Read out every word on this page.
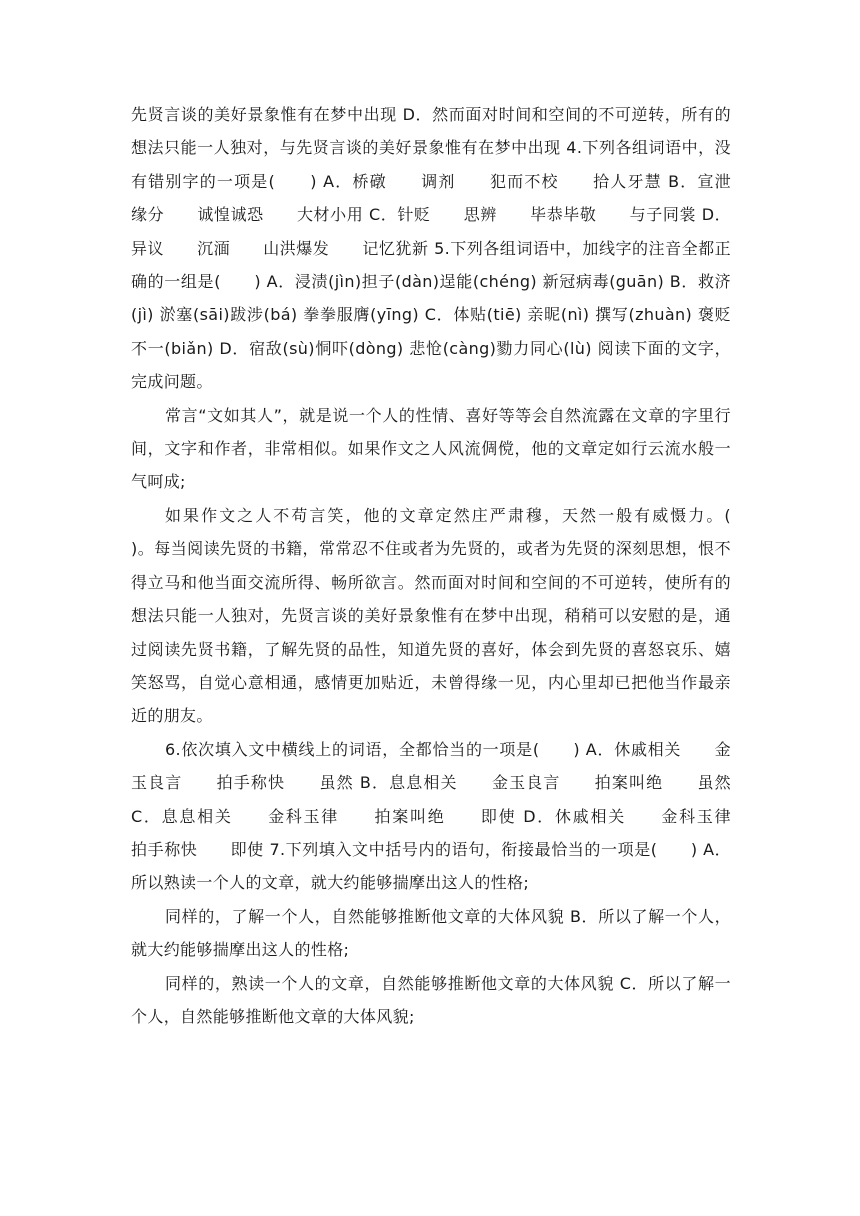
先贤言谈的美好景象惟有在梦中出现 D．然而面对时间和空间的不可逆转，所有的想法只能一人独对，与先贤言谈的美好景象惟有在梦中出现 4.下列各组词语中，没有错别字的一项是(　　) A．桥礅　　调剂　　犯而不校　　拾人牙慧 B．宣泄　　缘分　　诚惶诚恐　　大材小用 C．针贬　　思辨　　毕恭毕敬　　与子同裳 D．异议　　沉湎　　山洪爆发　　记忆犹新 5.下列各组词语中，加线字的注音全都正确的一组是(　　) A．浸渍(jìn)担子(dàn)逞能(chéng) 新冠病毒(guān) B．救济(jì) 淤塞(sāi)跋涉(bá) 拳拳服膺(yīng) C．体贴(tiē) 亲昵(nì) 撰写(zhuàn) 褒贬不一(biǎn) D．宿敌(sù)恫吓(dòng) 悲怆(càng)勠力同心(lù) 阅读下面的文字，完成问题。

常言“文如其人”，就是说一个人的性情、喜好等等会自然流露在文章的字里行间，文字和作者，非常相似。如果作文之人风流倜傥，他的文章定如行云流水般一气呵成;

如果作文之人不苟言笑，他的文章定然庄严肃穆，天然一般有威慑力。(　　　)。每当阅读先贤的书籍，常常忍不住或者为先贤的，或者为先贤的深刻思想，恨不得立马和他当面交流所得、畅所欲言。然而面对时间和空间的不可逆转，使所有的想法只能一人独对，先贤言谈的美好景象惟有在梦中出现，稍稍可以安慰的是，通过阅读先贤书籍，了解先贤的品性，知道先贤的喜好，体会到先贤的喜怒哀乐、嬉笑怒骂，自觉心意相通，感情更加贴近，未曾得缘一见，内心里却已把他当作最亲近的朋友。

6.依次填入文中横线上的词语，全都恰当的一项是(　　) A．休戚相关　　金玉良言　　拍手称快　　虽然 B．息息相关　　金玉良言　　拍案叫绝　　虽然 C．息息相关　　金科玉律　　拍案叫绝　　即使 D．休戚相关　　金科玉律　　拍手称快　　即使 7.下列填入文中括号内的语句，衔接最恰当的一项是(　　) A．所以熟读一个人的文章，就大约能够揣摩出这人的性格;

同样的，了解一个人，自然能够推断他文章的大体风貌 B．所以了解一个人，就大约能够揣摩出这人的性格;

同样的，熟读一个人的文章，自然能够推断他文章的大体风貌 C．所以了解一个人，自然能够推断他文章的大体风貌;
